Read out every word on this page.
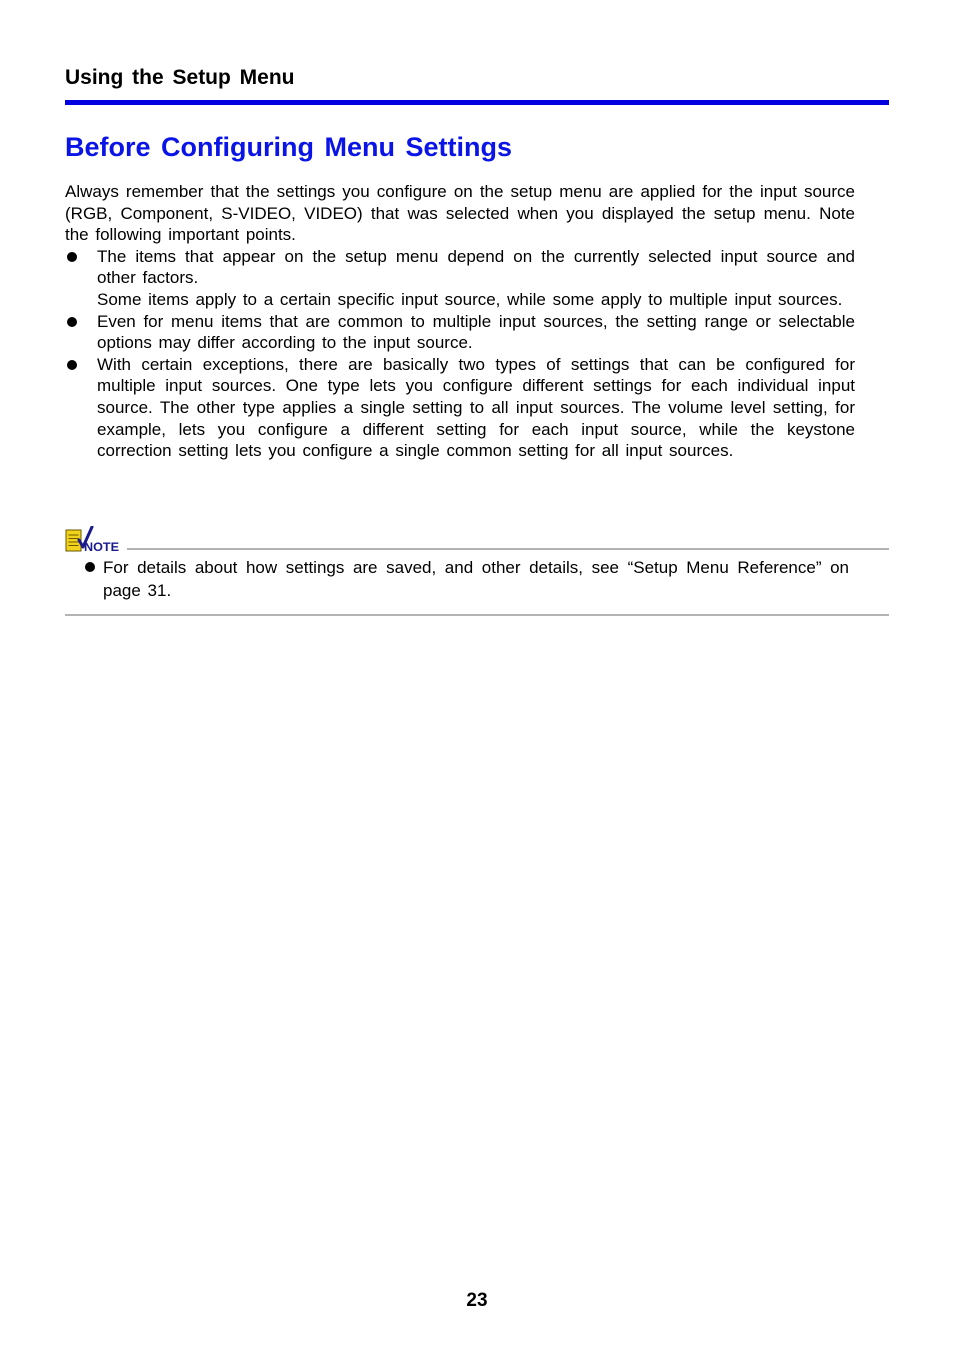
Using the Setup Menu
Before Configuring Menu Settings

Always remember that the settings you configure on the setup menu are applied for the input source (RGB, Component, S-VIDEO, VIDEO) that was selected when you displayed the setup menu. Note the following important points.

The items that appear on the setup menu depend on the currently selected input source and other factors.

Some items apply to a certain specific input source, while some apply to multiple input sources.

Even for menu items that are common to multiple input sources, the setting range or selectable options may differ according to the input source.

With certain exceptions, there are basically two types of settings that can be configured for multiple input sources. One type lets you configure different settings for each individual input source. The other type applies a single setting to all input sources. The volume level setting, for example, lets you configure a different setting for each input source, while the keystone correction setting lets you configure a single common setting for all input sources.

NOTE
For details about how settings are saved, and other details, see “Setup Menu Reference” on page 31.
23
